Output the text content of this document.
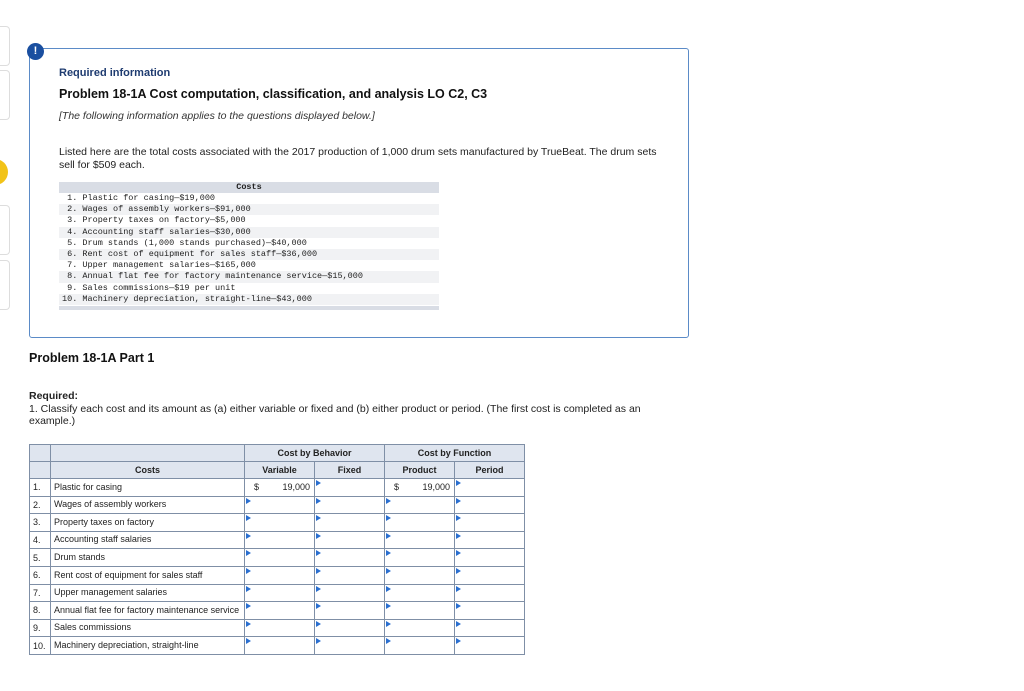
!
Required information
Problem 18-1A Cost computation, classification, and analysis LO C2, C3
[The following information applies to the questions displayed below.]
Listed here are the total costs associated with the 2017 production of 1,000 drum sets manufactured by TrueBeat. The drum sets sell for $509 each.
Costs
1. Plastic for casing—$19,000
2. Wages of assembly workers—$91,000
3. Property taxes on factory—$5,000
4. Accounting staff salaries—$30,000
5. Drum stands (1,000 stands purchased)—$40,000
6. Rent cost of equipment for sales staff—$36,000
7. Upper management salaries—$165,000
8. Annual flat fee for factory maintenance service—$15,000
9. Sales commissions—$19 per unit
10. Machinery depreciation, straight-line—$43,000
Problem 18-1A Part 1
Required:
1. Classify each cost and its amount as (a) either variable or fixed and (b) either product or period. (The first cost is completed as an example.)
		Cost by Behavior		Cost by Function	
	Costs	Variable	Fixed	Product	Period
1.	Plastic for casing	$ 19,000		$ 19,000	

2.	Wages of assembly workers	

3.	Property taxes on factory	

4.	Accounting staff salaries	

5.	Drum stands	

6.	Rent cost of equipment for sales staff	

7.	Upper management salaries	

8.	Annual flat fee for factory maintenance service	

9.	Sales commissions	

10.	Machinery depreciation, straight-line	
